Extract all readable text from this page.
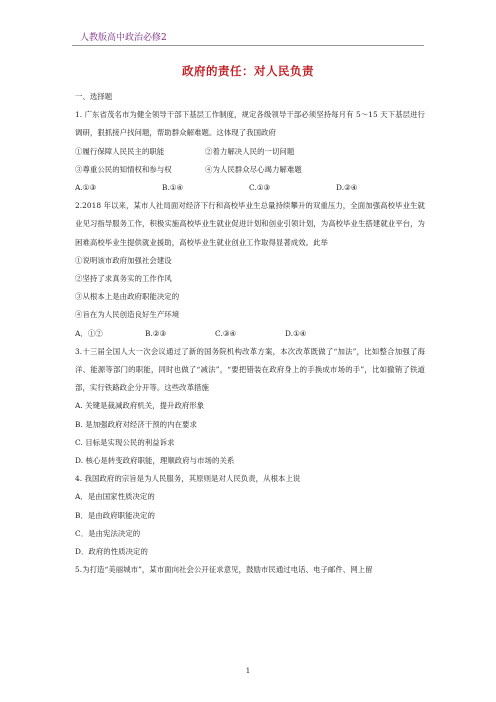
人教版高中政治必修2
政府的责任：对人民负责

一、选择题

1. 广东省茂名市为健全领导干部下基层工作制度，规定各级领导干部必须坚持每月有 5～15 天下基层进行调研，狠抓接户找问题，帮助群众解难题。这体现了我国政府

①履行保障人民民主的职能	②着力解决人民的一切问题

③尊重公民的知情权和参与权	④为人民群众尽心竭力解难题

A.①③	B.①④	C.①③	D.②④

2.2018 年以来，某市人社局面对经济下行和高校毕业生总量持续攀升的双重压力，全面加强高校毕业生就业见习指导服务工作，积极实施高校毕业生就业促进计划和创业引领计划，为高校毕业生搭建就业平台，为困难高校毕业生提供就业援助，高校毕业生就业创业工作取得显著成效。此举

①说明该市政府加强社会建设

②坚持了求真务实的工作作风

③从根本上是由政府职能决定的

④旨在为人民创造良好生产环境

A．①②	B.②③	C.③④	D.①④

3.十三届全国人大一次会议通过了新的国务院机构改革方案，本次改革既做了“加法”，比如整合加强了海洋、能源等部门的职能，同时也做了“减法”，“要把错装在政府身上的手换成市场的手”，比如撤销了铁道部，实行铁路政企分开等。这些改革措施

A. 关键是裁减政府机关，提升政府形象

B. 是加强政府对经济干预的内在要求

C. 目标是实现公民的利益诉求

D. 核心是转变政府职能，理顺政府与市场的关系

4. 我国政府的宗旨是为人民服务，其原则是对人民负责，从根本上说

A．是由国家性质决定的

B．是由政府职能决定的

C．是由宪法决定的

D．政府的性质决定的

5.为打造“美丽城市”，某市面向社会公开征求意见，鼓励市民通过电话、电子邮件、网上留

1
